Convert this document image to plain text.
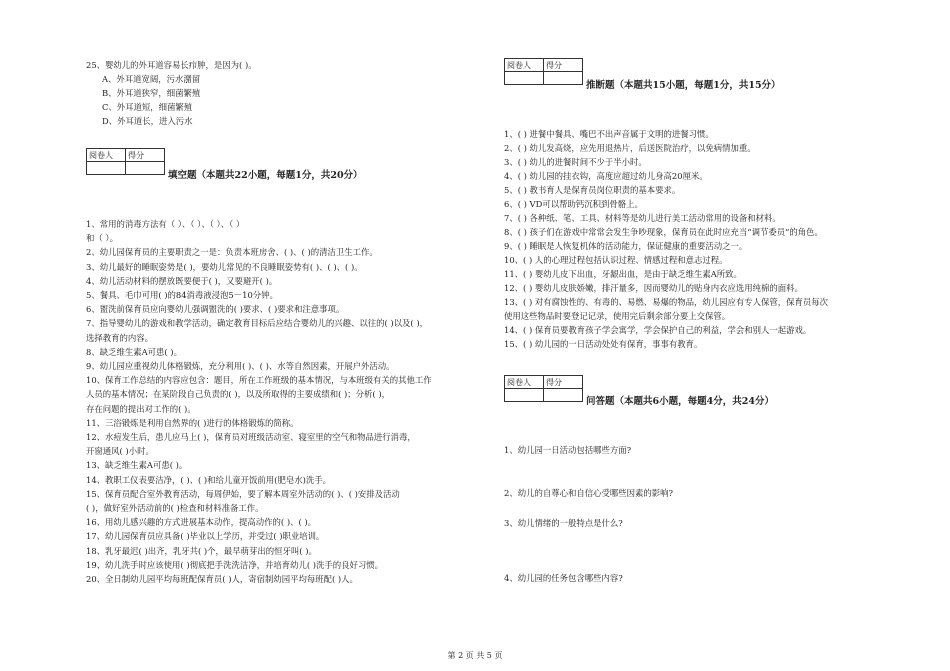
25、婴幼儿的外耳道容易长疖肿，是因为( )。
A、外耳道宽阔，污水潴留
B、外耳道狭窄，细菌繁殖
C、外耳道短，细菌繁殖
D、外耳道长，进入污水
阅卷人	得分

填空题（本题共22小题，每题1分，共20分）
1、常用的消毒方法有（ ）、（ ）、（ ）、（ ）
和（ ）。
2、幼儿园保育员的主要职责之一是：负责本班房舍、( )、( )的清洁卫生工作。
3、幼儿最好的睡眠姿势是( )，要幼儿常见的不良睡眠姿势有( )、( )、( )。
4、幼儿活动材料的摆放既要便于( )，又要避开( )。
5、餐具、毛巾可用( )的84消毒液浸泡5－10分钟。
6、盥洗前保育员应向婴幼儿强调盥洗的( )要求、( )要求和注意事项。
7、指导婴幼儿的游戏和教学活动，确定教育目标后应结合婴幼儿的兴趣、以往的( )以及( )，
选择教育的内容。
8、缺乏维生素A可患( )。
9、幼儿园应重视幼儿体格锻炼，充分利用( )、( )、水等自然因素，开展户外活动。
10、保育工作总结的内容应包含：题目，所在工作班级的基本情况，与本班级有关的其他工作
人员的基本情况；在某阶段自己负责的( )，以及所取得的主要成绩和( )；分析( )，
存在问题的提出对工作的( )。
11、三浴锻炼是利用自然界的( )进行的体格锻炼的简称。
12、水痘发生后，患儿应马上( )，保育员对班级活动室、寝室里的空气和物品进行消毒，
开窗通风( )小时。
13、缺乏维生素A可患( )。
14、教职工仪表要洁净，( )、( )和给儿童开饭前用(肥皂水)洗手。
15、保育员配合室外教育活动，每周伊始，要了解本周室外活动的( )、( )安排及活动
( )，做好室外活动前的( )检查和材料准备工作。
16、用幼儿感兴趣的方式进展基本动作，提高动作的( )、( )。
17、幼儿园保育员应具备( )毕业以上学历，并受过( )职业培训。
18、乳牙最迟( )出齐，乳牙共( )个，最早萌芽出的恒牙叫( )。
19、幼儿洗手时应该使用( )彻底把手洗洗洁净，并培育幼儿( )洗手的良好习惯。
20、全日制幼儿园平均每班配保育员( )人，寄宿制幼园平均每班配( )人。
阅卷人	得分

推断题（本题共15小题，每题1分，共15分）
1、( ) 进餐中餐具、嘴巴不出声音属于文明的进餐习惯。
2、( ) 幼儿发高烧，应先用退热片，后送医院治疗，以免病情加重。
3、( ) 幼儿的进餐时间不少于半小时。
4、( ) 幼儿园的挂衣钩，高度应超过幼儿身高20厘米。
5、( ) 教书育人是保育员岗位职责的基本要求。
6、( ) VD可以帮助钙沉积到骨骼上。
7、( ) 各种纸、笔、工具、材料等是幼儿进行美工活动常用的设备和材料。
8、( ) 孩子们在游戏中常常会发生争吵现象，保育员在此时应充当“调节委员”的角色。
9、( ) 睡眠是人恢复机体的活动能力，保证健康的重要活动之一。
10、( ) 人的心理过程包括认识过程、情感过程和意志过程。
11、( ) 婴幼儿皮下出血，牙龈出血，是由于缺乏维生素A所致。
12、( ) 婴幼儿皮肤娇嫩，排汗量多，因而婴幼儿的贴身内衣应选用纯棉的面料。
13、( ) 对有腐蚀性的、有毒的、易燃、易爆的物品，幼儿园应有专人保管，保育员每次
使用这些物品时要登记记录，使用完后剩余部分要上交保管。
14、( ) 保育员要教育孩子学会寓学，学会保护自己的利益，学会和别人一起游戏。
15、( ) 幼儿园的一日活动处处有保育，事事有教育。
阅卷人	得分

问答题（本题共6小题，每题4分，共24分）
1、幼儿园一日活动包括哪些方面?
2、幼儿的自尊心和自信心受哪些因素的影响?
3、幼儿情绪的一般特点是什么?
4、幼儿园的任务包含哪些内容?
第 2 页 共 5 页
